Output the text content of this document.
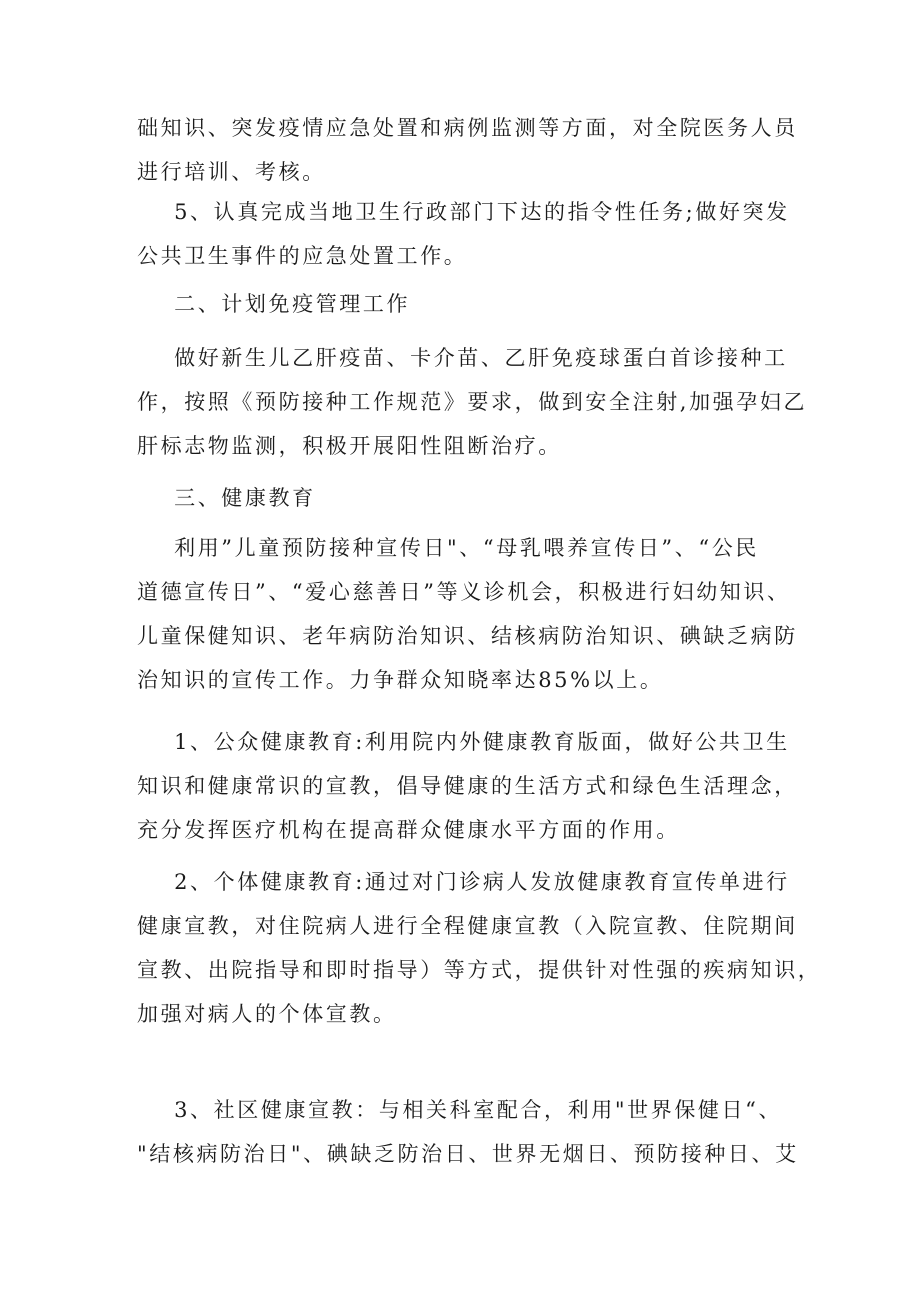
础知识、突发疫情应急处置和病例监测等方面，对全院医务人员
进行培训、考核。
5、认真完成当地卫生行政部门下达的指令性任务;做好突发
公共卫生事件的应急处置工作。
二、计划免疫管理工作
做好新生儿乙肝疫苗、卡介苗、乙肝免疫球蛋白首诊接种工
作，按照《预防接种工作规范》要求，做到安全注射,加强孕妇乙
肝标志物监测，积极开展阳性阻断治疗。
三、健康教育
利用”儿童预防接种宣传日"、“母乳喂养宣传日”、“公民
道德宣传日”、“爱心慈善日”等义诊机会，积极进行妇幼知识、
儿童保健知识、老年病防治知识、结核病防治知识、碘缺乏病防
治知识的宣传工作。力争群众知晓率达85%以上。
1、公众健康教育:利用院内外健康教育版面，做好公共卫生
知识和健康常识的宣教，倡导健康的生活方式和绿色生活理念，
充分发挥医疗机构在提高群众健康水平方面的作用。
2、个体健康教育:通过对门诊病人发放健康教育宣传单进行
健康宣教，对住院病人进行全程健康宣教（入院宣教、住院期间
宣教、出院指导和即时指导）等方式，提供针对性强的疾病知识，
加强对病人的个体宣教。
3、社区健康宣教：与相关科室配合，利用"世界保健日“、
"结核病防治日"、碘缺乏防治日、世界无烟日、预防接种日、艾
